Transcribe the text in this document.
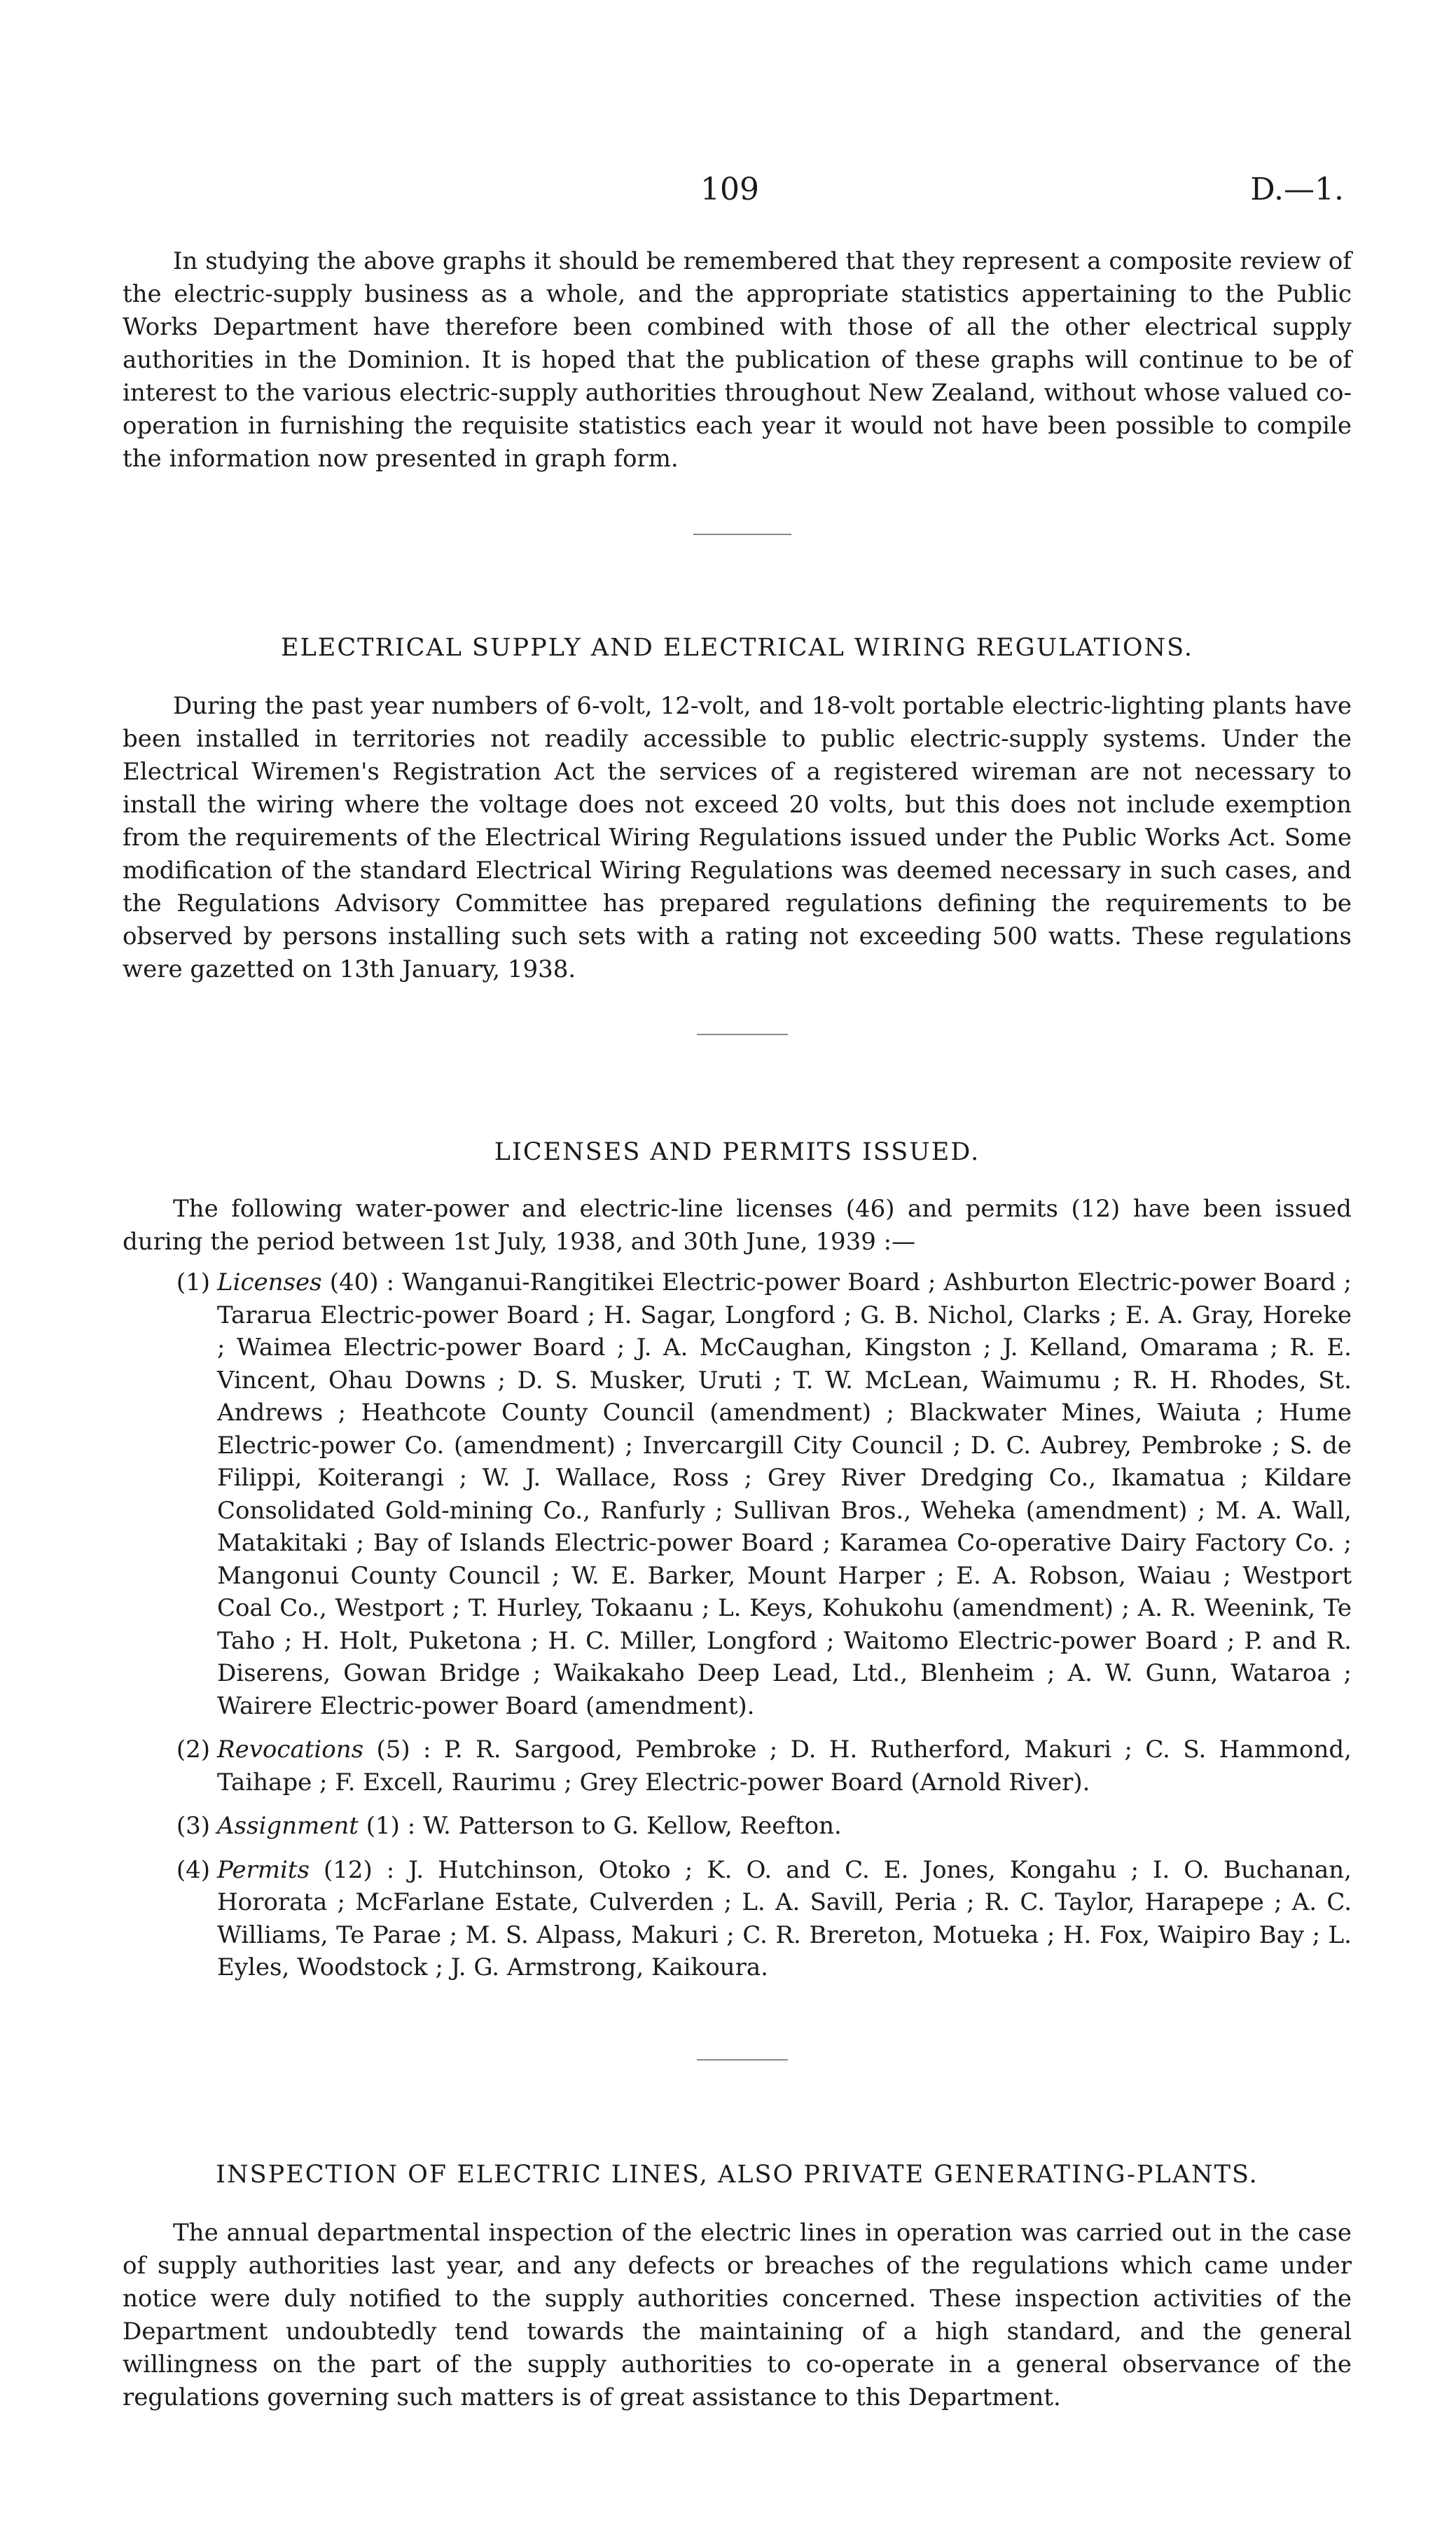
109	D.—1.

In studying the above graphs it should be remembered that they represent a composite review of the electric-supply business as a whole, and the appropriate statistics appertaining to the Public Works Department have therefore been combined with those of all the other electrical supply authorities in the Dominion. It is hoped that the publication of these graphs will continue to be of interest to the various electric-supply authorities throughout New Zealand, without whose valued co-operation in furnishing the requisite statistics each year it would not have been possible to compile the information now presented in graph form.

ELECTRICAL SUPPLY AND ELECTRICAL WIRING REGULATIONS.

During the past year numbers of 6-volt, 12-volt, and 18-volt portable electric-lighting plants have been installed in territories not readily accessible to public electric-supply systems. Under the Electrical Wiremen's Registration Act the services of a registered wireman are not necessary to install the wiring where the voltage does not exceed 20 volts, but this does not include exemption from the requirements of the Electrical Wiring Regulations issued under the Public Works Act. Some modification of the standard Electrical Wiring Regulations was deemed necessary in such cases, and the Regulations Advisory Committee has prepared regulations defining the requirements to be observed by persons installing such sets with a rating not exceeding 500 watts. These regulations were gazetted on 13th January, 1938.

LICENSES AND PERMITS ISSUED.

The following water-power and electric-line licenses (46) and permits (12) have been issued during the period between 1st July, 1938, and 30th June, 1939 :—

(1) Licenses (40) : Wanganui-Rangitikei Electric-power Board ; Ashburton Electric-power Board ; Tararua Electric-power Board ; H. Sagar, Longford ; G. B. Nichol, Clarks ; E. A. Gray, Horeke ; Waimea Electric-power Board ; J. A. McCaughan, Kingston ; J. Kelland, Omarama ; R. E. Vincent, Ohau Downs ; D. S. Musker, Uruti ; T. W. McLean, Waimumu ; R. H. Rhodes, St. Andrews ; Heathcote County Council (amendment) ; Blackwater Mines, Waiuta ; Hume Electric-power Co. (amendment) ; Invercargill City Council ; D. C. Aubrey, Pembroke ; S. de Filippi, Koiterangi ; W. J. Wallace, Ross ; Grey River Dredging Co., Ikamatua ; Kildare Consolidated Gold-mining Co., Ranfurly ; Sullivan Bros., Weheka (amendment) ; M. A. Wall, Matakitaki ; Bay of Islands Electric-power Board ; Karamea Co-operative Dairy Factory Co. ; Mangonui County Council ; W. E. Barker, Mount Harper ; E. A. Robson, Waiau ; Westport Coal Co., Westport ; T. Hurley, Tokaanu ; L. Keys, Kohukohu (amendment) ; A. R. Weenink, Te Taho ; H. Holt, Puketona ; H. C. Miller, Longford ; Waitomo Electric-power Board ; P. and R. Diserens, Gowan Bridge ; Waikakaho Deep Lead, Ltd., Blenheim ; A. W. Gunn, Wataroa ; Wairere Electric-power Board (amendment).
(2) Revocations (5) : P. R. Sargood, Pembroke ; D. H. Rutherford, Makuri ; C. S. Hammond, Taihape ; F. Excell, Raurimu ; Grey Electric-power Board (Arnold River).
(3) Assignment (1) : W. Patterson to G. Kellow, Reefton.
(4) Permits (12) : J. Hutchinson, Otoko ; K. O. and C. E. Jones, Kongahu ; I. O. Buchanan, Hororata ; McFarlane Estate, Culverden ; L. A. Savill, Peria ; R. C. Taylor, Harapepe ; A. C. Williams, Te Parae ; M. S. Alpass, Makuri ; C. R. Brereton, Motueka ; H. Fox, Waipiro Bay ; L. Eyles, Woodstock ; J. G. Armstrong, Kaikoura.
INSPECTION OF ELECTRIC LINES, ALSO PRIVATE GENERATING-PLANTS.

The annual departmental inspection of the electric lines in operation was carried out in the case of supply authorities last year, and any defects or breaches of the regulations which came under notice were duly notified to the supply authorities concerned. These inspection activities of the Department undoubtedly tend towards the maintaining of a high standard, and the general willingness on the part of the supply authorities to co-operate in a general observance of the regulations governing such matters is of great assistance to this Department.
